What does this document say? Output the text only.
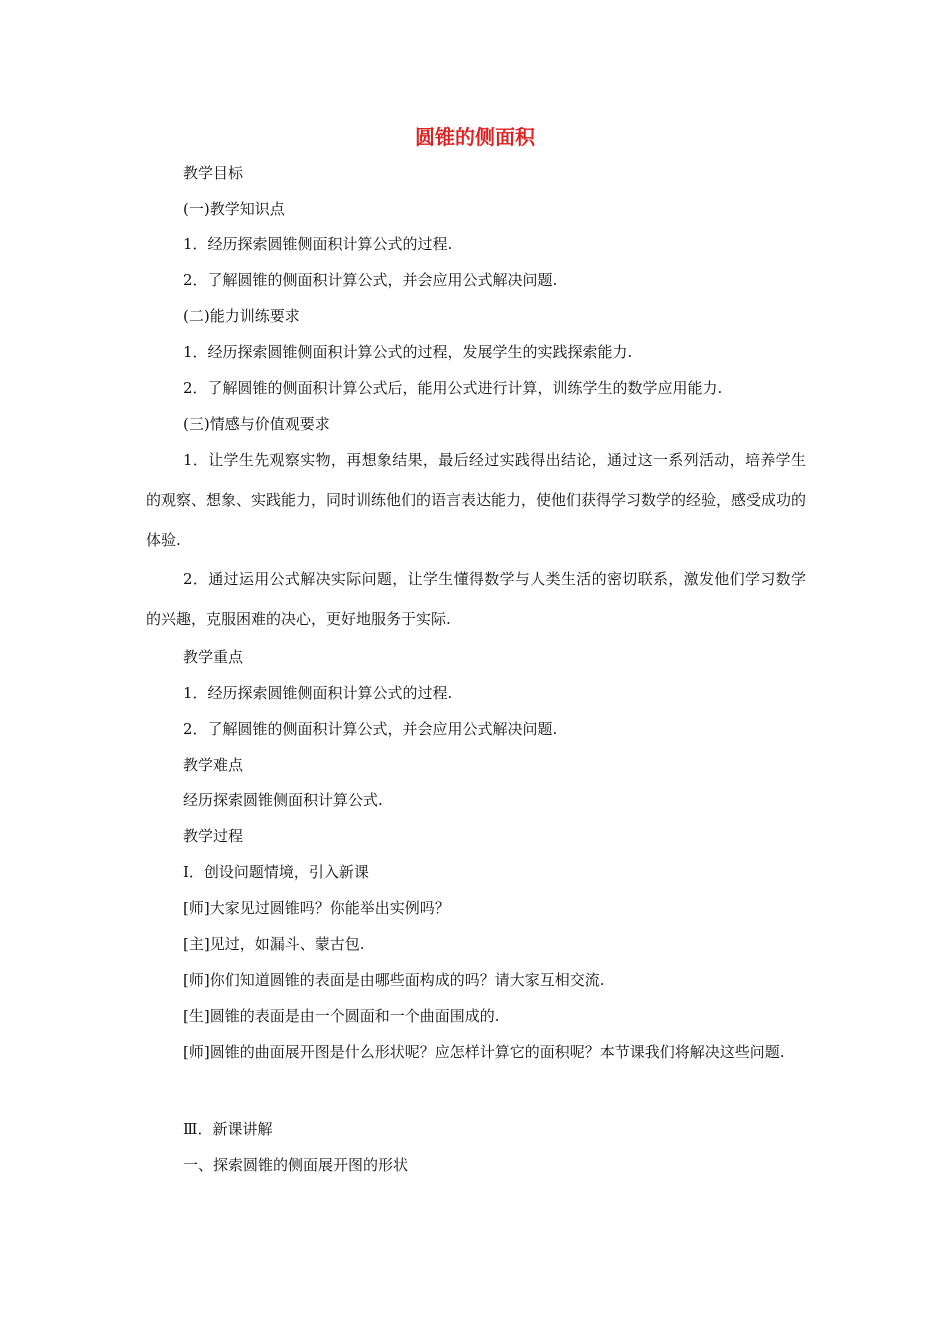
圆锥的侧面积
教学目标
(一)教学知识点
1．经历探索圆锥侧面积计算公式的过程.
2．了解圆锥的侧面积计算公式，并会应用公式解决问题.
(二)能力训练要求
1．经历探索圆锥侧面积计算公式的过程，发展学生的实践探索能力.
2．了解圆锥的侧面积计算公式后，能用公式进行计算，训练学生的数学应用能力.
(三)情感与价值观要求

1．让学生先观察实物，再想象结果，最后经过实践得出结论，通过这一系列活动，培养学生的观察、想象、实践能力，同时训练他们的语言表达能力，使他们获得学习数学的经验，感受成功的体验.

2．通过运用公式解决实际问题，让学生懂得数学与人类生活的密切联系，激发他们学习数学的兴趣，克服困难的决心，更好地服务于实际.

教学重点
1．经历探索圆锥侧面积计算公式的过程.
2．了解圆锥的侧面积计算公式，并会应用公式解决问题.
教学难点
经历探索圆锥侧面积计算公式.
教学过程
Ⅰ．创设问题情境，引入新课
[师]大家见过圆锥吗？你能举出实例吗？
[主]见过，如漏斗、蒙古包.
[师]你们知道圆锥的表面是由哪些面构成的吗？请大家互相交流.
[生]圆锥的表面是由一个圆面和一个曲面围成的.

[师]圆锥的曲面展开图是什么形状呢？应怎样计算它的面积呢？本节课我们将解决这些问题.

Ⅲ．新课讲解
一、探索圆锥的侧面展开图的形状
